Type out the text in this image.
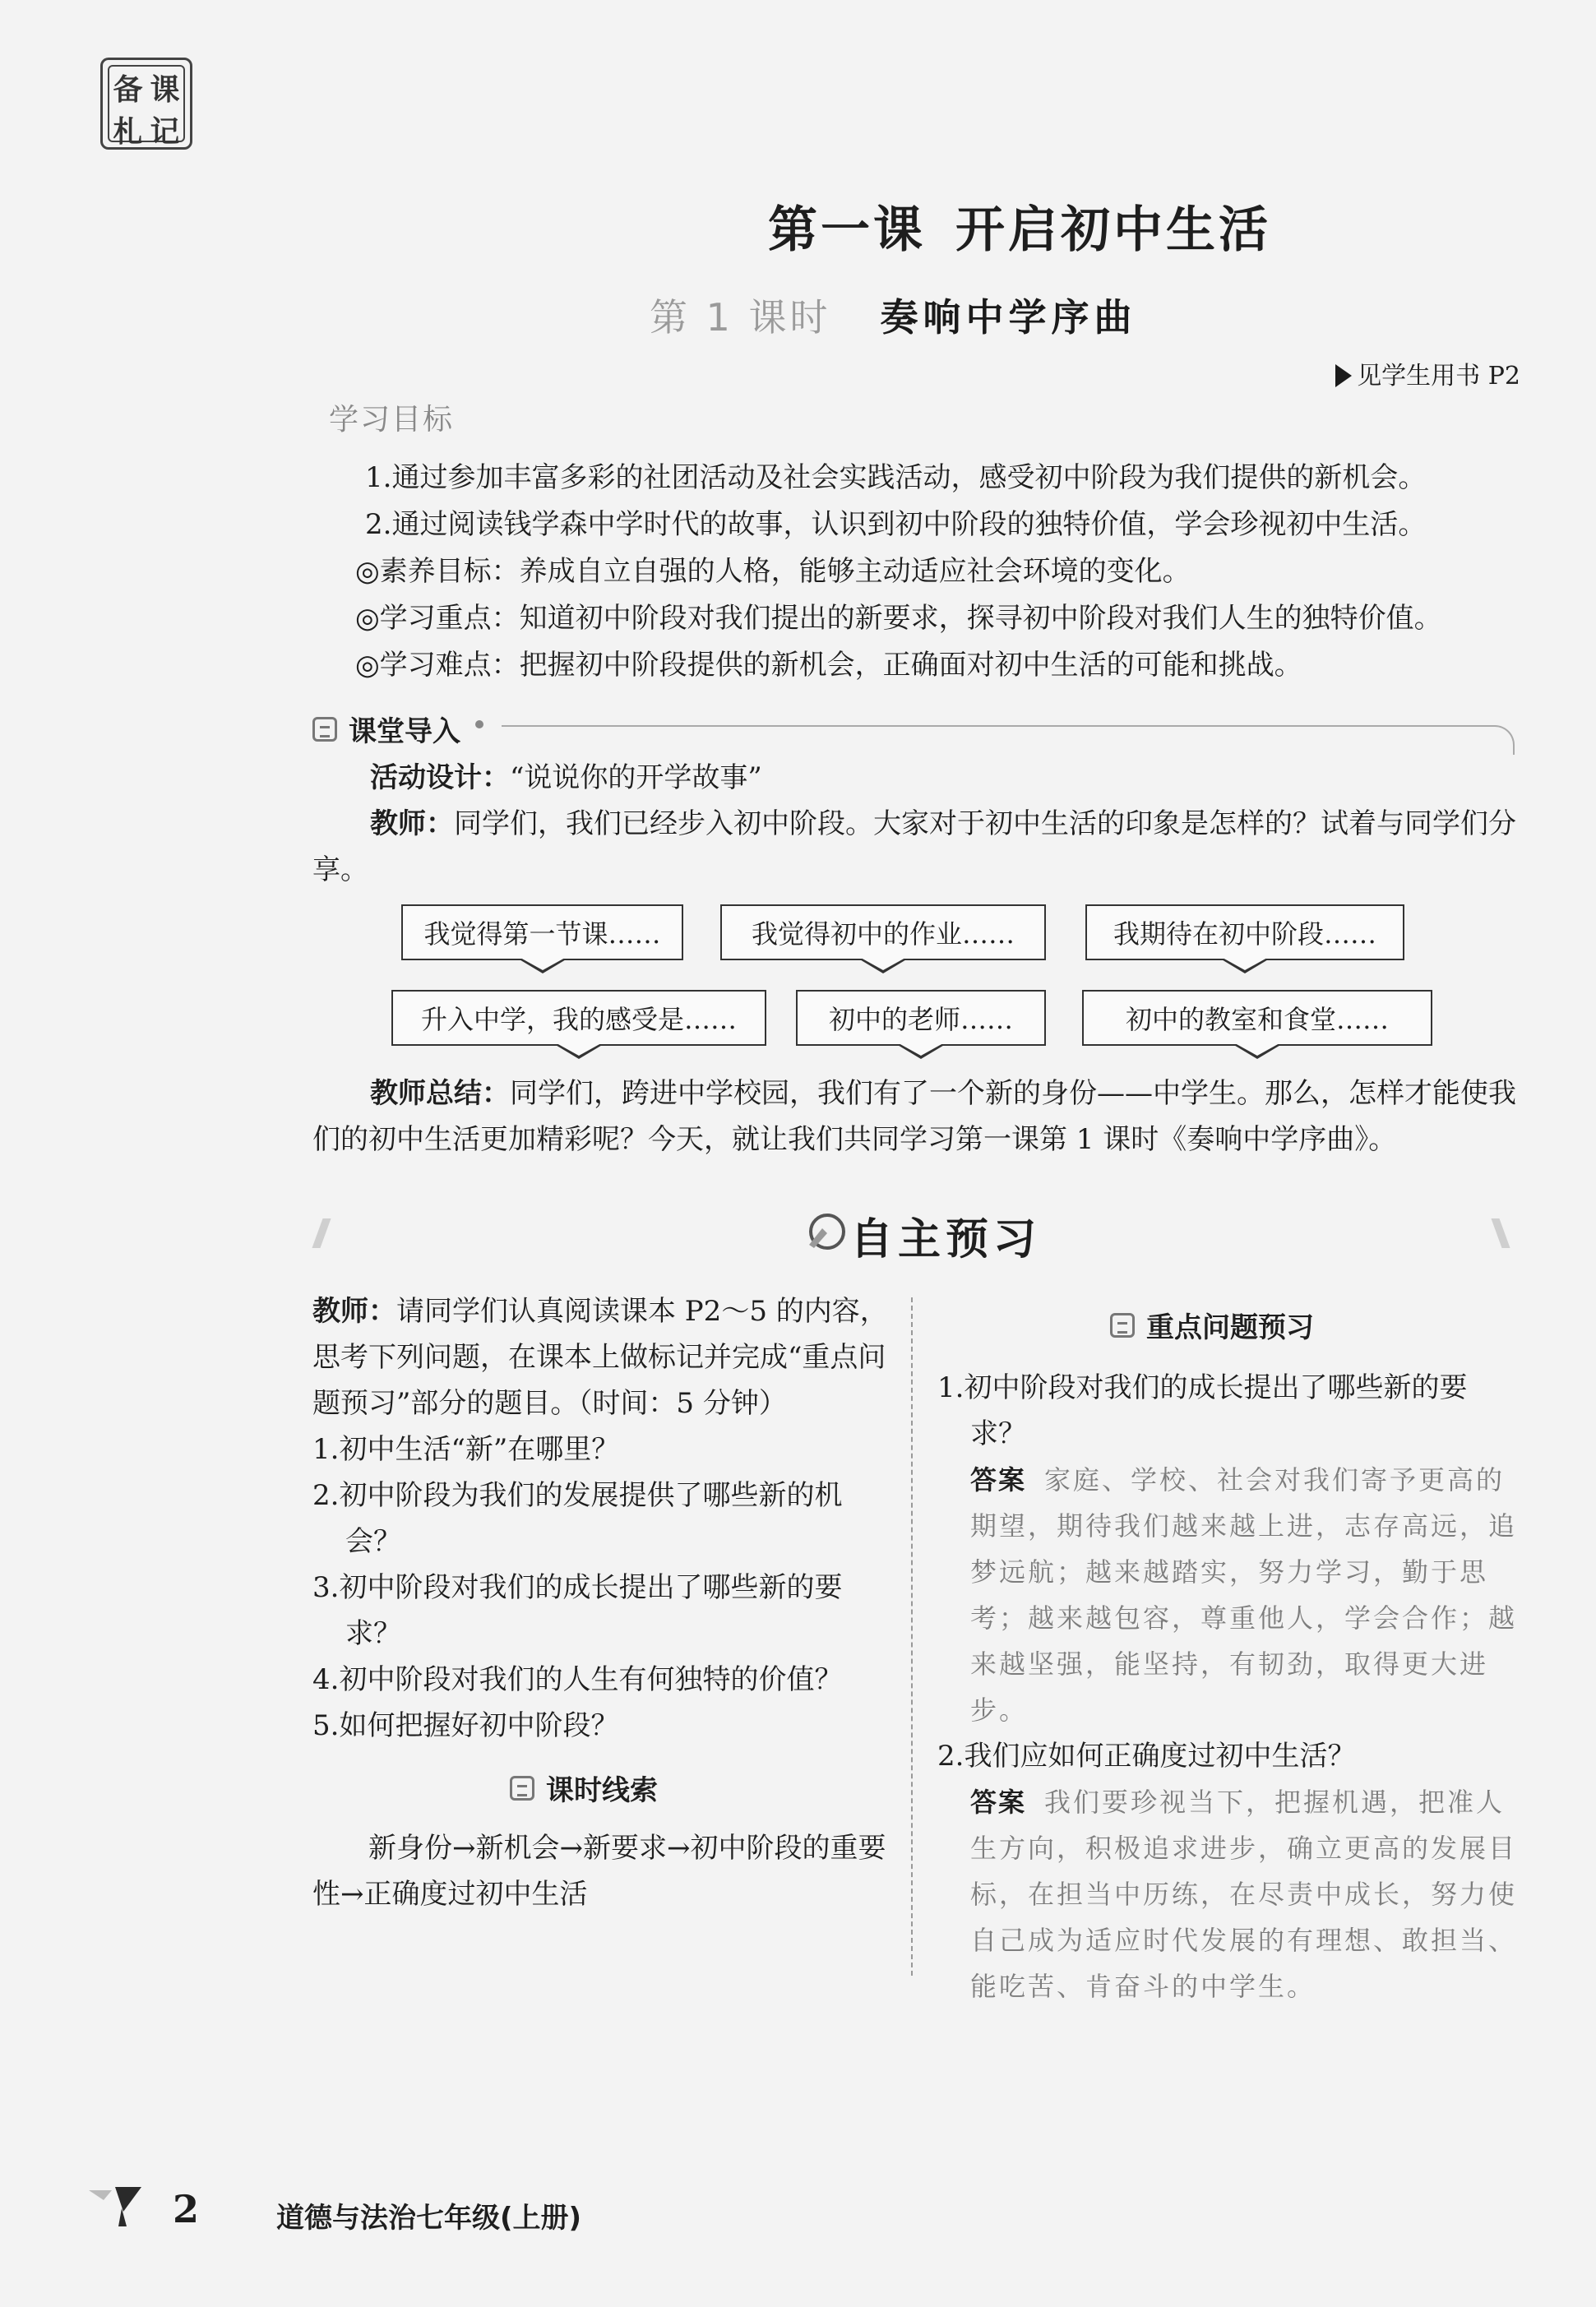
备 课
札 记
第一课 开启初中生活
第 1 课时 奏响中学序曲
见学生用书 P2
学习目标
1.通过参加丰富多彩的社团活动及社会实践活动，感受初中阶段为我们提供的新机会。
2.通过阅读钱学森中学时代的故事，认识到初中阶段的独特价值，学会珍视初中生活。
◎素养目标：养成自立自强的人格，能够主动适应社会环境的变化。
◎学习重点：知道初中阶段对我们提出的新要求，探寻初中阶段对我们人生的独特价值。
◎学习难点：把握初中阶段提供的新机会，正确面对初中生活的可能和挑战。
课堂导入
活动设计：“说说你的开学故事”
教师：同学们，我们已经步入初中阶段。大家对于初中生活的印象是怎样的？试着与同学们分享。
我觉得第一节课……	我觉得初中的作业……	我期待在初中阶段……
升入中学，我的感受是……	初中的老师……	初中的教室和食堂……
教师总结：同学们，跨进中学校园，我们有了一个新的身份——中学生。那么，怎样才能使我们的初中生活更加精彩呢？今天，就让我们共同学习第一课第 1 课时《奏响中学序曲》。
自主预习
教师：请同学们认真阅读课本 P2～5 的内容，思考下列问题，在课本上做标记并完成“重点问题预习”部分的题目。（时间：5 分钟）
1.初中生活“新”在哪里？
2.初中阶段为我们的发展提供了哪些新的机会？
3.初中阶段对我们的成长提出了哪些新的要求？
4.初中阶段对我们的人生有何独特的价值？
5.如何把握好初中阶段？
课时线索
新身份→新机会→新要求→初中阶段的重要性→正确度过初中生活
重点问题预习
1.初中阶段对我们的成长提出了哪些新的要求？
答案 家庭、学校、社会对我们寄予更高的期望，期待我们越来越上进，志存高远，追梦远航；越来越踏实，努力学习，勤于思考；越来越包容，尊重他人，学会合作；越来越坚强，能坚持，有韧劲，取得更大进步。
2.我们应如何正确度过初中生活？
答案 我们要珍视当下，把握机遇，把准人生方向，积极追求进步，确立更高的发展目标，在担当中历练，在尽责中成长，努力使自己成为适应时代发展的有理想、敢担当、能吃苦、肯奋斗的中学生。
2	道德与法治七年级(上册)
